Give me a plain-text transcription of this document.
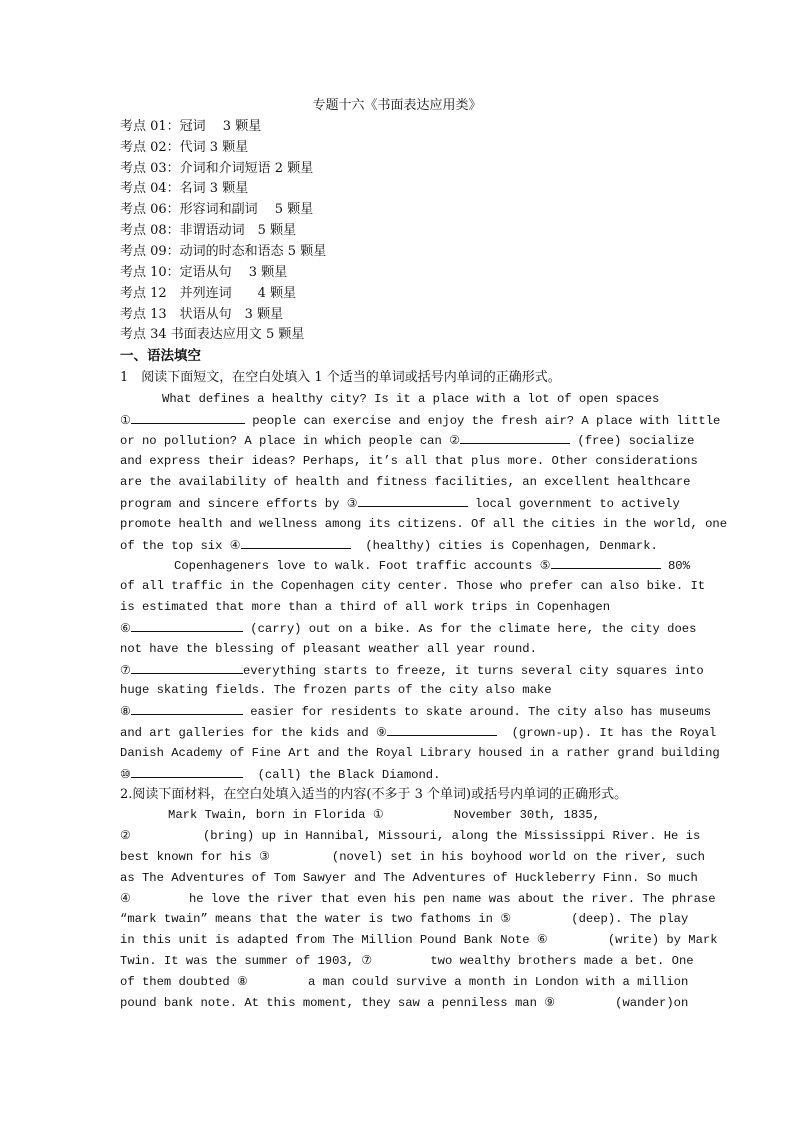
专题十六《书面表达应用类》
考点 01：冠词　 3 颗星
考点 02：代词 3 颗星
考点 03：介词和介词短语 2 颗星
考点 04：名词 3 颗星
考点 06：形容词和副词　 5 颗星
考点 08：非谓语动词　5 颗星
考点 09：动词的时态和语态 5 颗星
考点 10：定语从句　 3 颗星
考点 12　并列连词　　4 颗星
考点 13　状语从句　3 颗星
考点 34 书面表达应用文 5 颗星
一、语法填空
1　阅读下面短文，在空白处填入 1 个适当的单词或括号内单词的正确形式。
What defines a healthy city? Is it a place with a lot of open spaces
①	people can exercise and enjoy the fresh air? A place with little
or no pollution? A place in which people can ②	(free) socialize
and express their ideas? Perhaps, it’s all that plus more. Other considerations
are the availability of health and fitness facilities, an excellent healthcare
program and sincere efforts by ③	local government to actively
promote health and wellness among its citizens. Of all the cities in the world, one
of the top six ④	(healthy) cities is Copenhagen, Denmark.
Copenhageners love to walk. Foot traffic accounts ⑤	80%
of all traffic in the Copenhagen city center. Those who prefer can also bike. It
is estimated that more than a third of all work trips in Copenhagen
⑥	(carry) out on a bike. As for the climate here, the city does
not have the blessing of pleasant weather all year round.
⑦	everything starts to freeze, it turns several city squares into
huge skating fields. The frozen parts of the city also make
⑧	easier for residents to skate around. The city also has museums
and art galleries for the kids and ⑨	(grown-up). It has the Royal
Danish Academy of Fine Art and the Royal Library housed in a rather grand building
⑩	(call) the Black Diamond.
2.阅读下面材料，在空白处填入适当的内容(不多于 3 个单词)或括号内单词的正确形式。
Mark Twain, born in Florida ①	November 30th, 1835,
②	(bring) up in Hannibal, Missouri, along the Mississippi River. He is
best known for his ③	(novel) set in his boyhood world on the river, such
as The Adventures of Tom Sawyer and The Adventures of Huckleberry Finn. So much
④	he love the river that even his pen name was about the river. The phrase
“mark twain” means that the water is two fathoms in ⑤	(deep). The play
in this unit is adapted from The Million Pound Bank Note ⑥	(write) by Mark
Twin. It was the summer of 1903, ⑦	two wealthy brothers made a bet. One
of them doubted ⑧	a man could survive a month in London with a million
pound bank note. At this moment, they saw a penniless man ⑨	(wander)on
